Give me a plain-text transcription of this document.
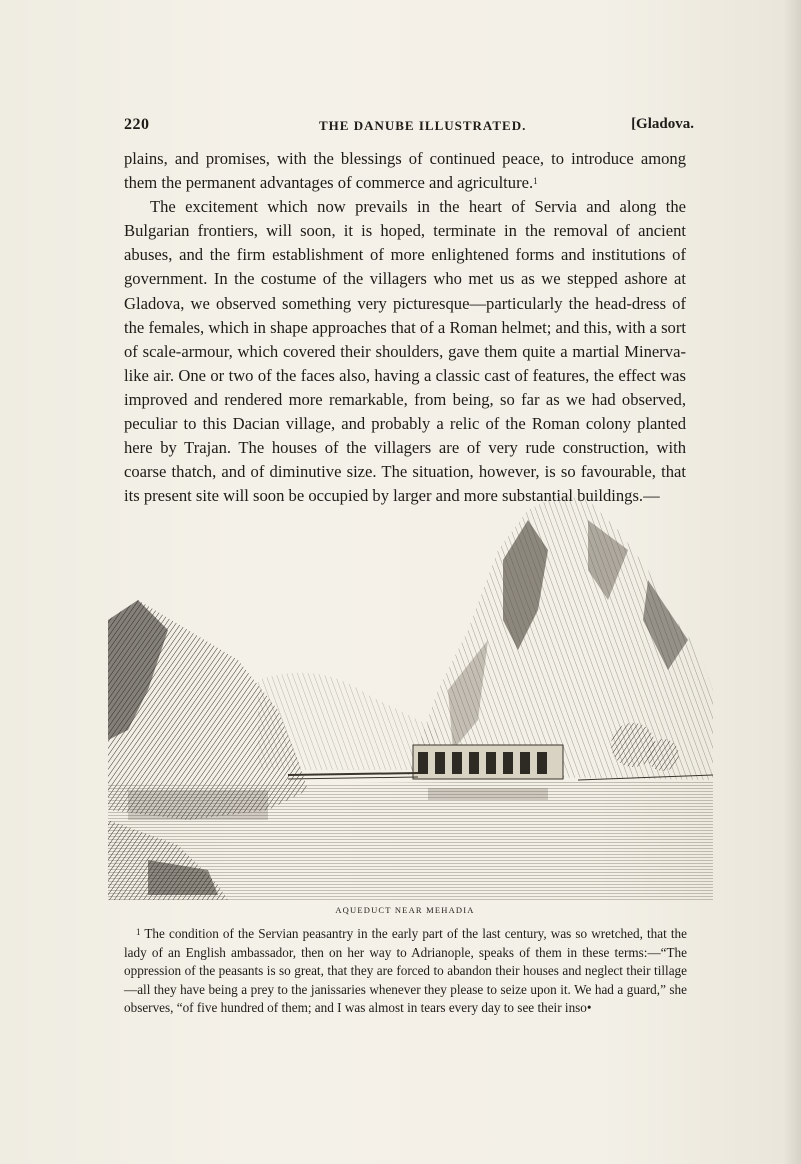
220	THE DANUBE ILLUSTRATED.	[Gladova.

plains, and promises, with the blessings of continued peace, to introduce among them the permanent advantages of commerce and agriculture.$^1$

The excitement which now prevails in the heart of Servia and along the Bulgarian frontiers, will soon, it is hoped, terminate in the removal of ancient abuses, and the firm establishment of more enlightened forms and institutions of government. In the costume of the villagers who met us as we stepped ashore at Gladova, we observed something very picturesque—particularly the head-dress of the females, which in shape approaches that of a Roman helmet; and this, with a sort of scale-armour, which covered their shoulders, gave them quite a martial Minerva-like air. One or two of the faces also, having a classic cast of features, the effect was improved and rendered more remarkable, from being, so far as we had observed, peculiar to this Dacian village, and probably a relic of the Roman colony planted here by Trajan. The houses of the villagers are of very rude construction, with coarse thatch, and of diminutive size. The situation, however, is so favourable, that its present site will soon be occupied by larger and more substantial buildings.—

AQUEDUCT NEAR MEHADIA

$^1$ The condition of the Servian peasantry in the early part of the last century, was so wretched, that the lady of an English ambassador, then on her way to Adrianople, speaks of them in these terms:—“The oppression of the peasants is so great, that they are forced to abandon their houses and neglect their tillage—all they have being a prey to the janissaries whenever they please to seize upon it. We had a guard,” she observes, “of five hundred of them; and I was almost in tears every day to see their inso•
